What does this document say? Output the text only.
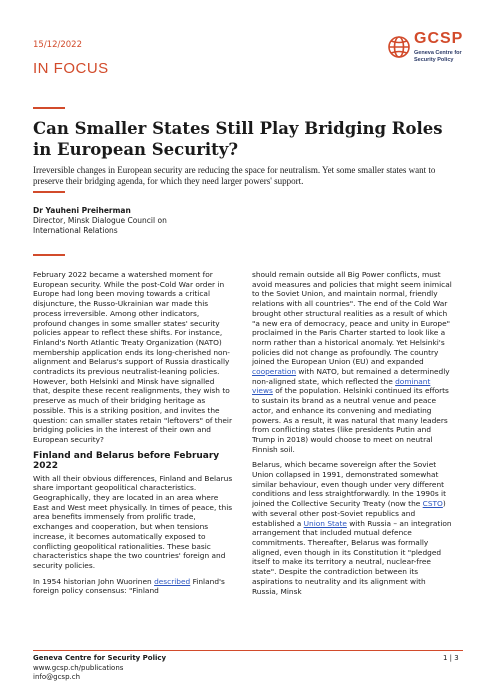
15/12/2022
IN FOCUS
GCSP
Geneva Centre for
Security Policy
Can Smaller States Still Play Bridging Roles in European Security?
Irreversible changes in European security are reducing the space for neutralism. Yet some smaller states want to preserve their bridging agenda, for which they need larger powers' support.
Dr Yauheni Preiherman
Director, Minsk Dialogue Council on
International Relations

February 2022 became a watershed moment for European security. While the post-Cold War order in Europe had long been moving towards a critical disjuncture, the Russo-Ukrainian war made this process irreversible. Among other indicators, profound changes in some smaller states' security policies appear to reflect these shifts. For instance, Finland's North Atlantic Treaty Organization (NATO) membership application ends its long-cherished non-alignment and Belarus's support of Russia drastically contradicts its previous neutralist-leaning policies. However, both Helsinki and Minsk have signalled that, despite these recent realignments, they wish to preserve as much of their bridging heritage as possible. This is a striking position, and invites the question: can smaller states retain "leftovers" of their bridging policies in the interest of their own and European security?

Finland and Belarus before February 2022

With all their obvious differences, Finland and Belarus share important geopolitical characteristics. Geographically, they are located in an area where East and West meet physically. In times of peace, this area benefits immensely from prolific trade, exchanges and cooperation, but when tensions increase, it becomes automatically exposed to conflicting geopolitical rationalities. These basic characteristics shape the two countries' foreign and security policies.

In 1954 historian John Wuorinen described Finland's foreign policy consensus: "Finland

should remain outside all Big Power conflicts, must avoid measures and policies that might seem inimical to the Soviet Union, and maintain normal, friendly relations with all countries". The end of the Cold War brought other structural realities as a result of which "a new era of democracy, peace and unity in Europe" proclaimed in the Paris Charter started to look like a norm rather than a historical anomaly. Yet Helsinki's policies did not change as profoundly. The country joined the European Union (EU) and expanded cooperation with NATO, but remained a determinedly non-aligned state, which reflected the dominant views of the population. Helsinki continued its efforts to sustain its brand as a neutral venue and peace actor, and enhance its convening and mediating powers. As a result, it was natural that many leaders from conflicting states (like presidents Putin and Trump in 2018) would choose to meet on neutral Finnish soil.

Belarus, which became sovereign after the Soviet Union collapsed in 1991, demonstrated somewhat similar behaviour, even though under very different conditions and less straightforwardly. In the 1990s it joined the Collective Security Treaty (now the CSTO) with several other post-Soviet republics and established a Union State with Russia – an integration arrangement that included mutual defence commitments. Thereafter, Belarus was formally aligned, even though in its Constitution it "pledged itself to make its territory a neutral, nuclear-free state". Despite the contradiction between its aspirations to neutrality and its alignment with Russia, Minsk

Geneva Centre for Security Policy
www.gcsp.ch/publications
info@gcsp.ch
1 | 3
